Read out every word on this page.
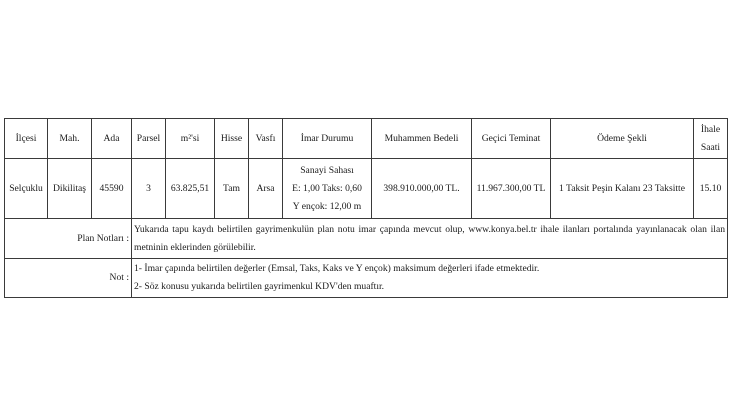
İlçesi	Mah.	Ada	Parsel	m²'si	Hisse	Vasfı	İmar Durumu	Muhammen Bedeli	Geçici Teminat	Ödeme Şekli	İhale
Saati

Selçuklu	Dikilitaş	45590	3	63.825,51	Tam	Arsa	Sanayi Sahası
E: 1,00 Taks: 0,60
Y ençok: 12,00 m	398.910.000,00 TL.	11.967.300,00 TL	1 Taksit Peşin Kalanı 23 Taksitte	15.10
Plan Notları :			Yukarıda tapu kaydı belirtilen gayrimenkulün plan notu imar çapında mevcut olup, www.konya.bel.tr ihale ilanları portalında yayınlanacak olan ilan metninin eklerinden görülebilir.								
Not :			1- İmar çapında belirtilen değerler (Emsal, Taks, Kaks ve Y ençok) maksimum değerleri ifade etmektedir.
2- Söz konusu yukarıda belirtilen gayrimenkul KDV'den muaftır.								
